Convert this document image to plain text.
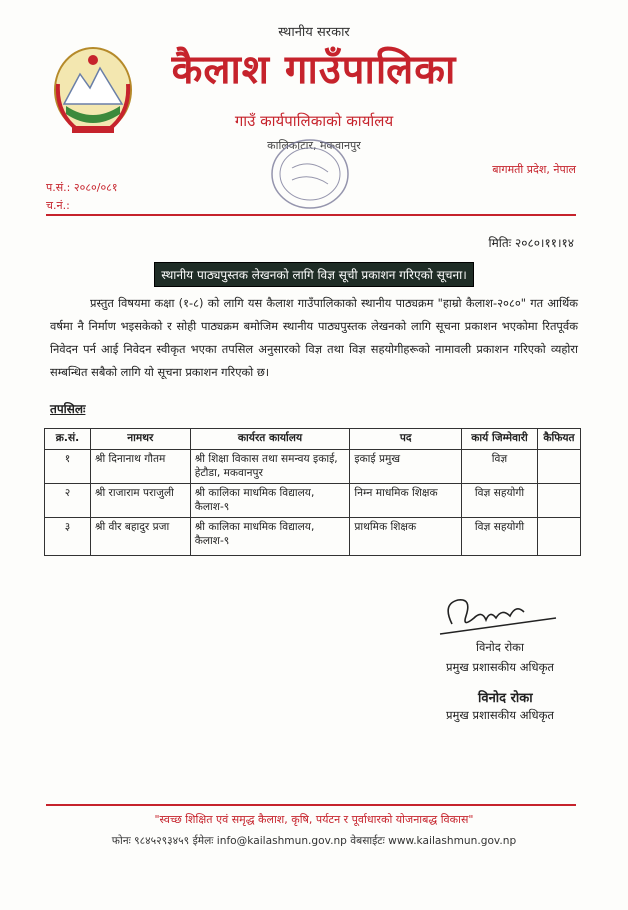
स्थानीय सरकार
कैलाश गाउँपालिका
गाउँ कार्यपालिकाको कार्यालय
कालिकाटार, मकवानपुर
बागमती प्रदेश, नेपाल
प.सं.: २०८०/०८१
च.नं.:
मितिः २०८०।११।१४
स्थानीय पाठ्यपुस्तक लेखनको लागि विज्ञ सूची प्रकाशन गरिएको सूचना।
प्रस्तुत विषयमा कक्षा (१-८) को लागि यस कैलाश गाउँपालिकाको स्थानीय पाठ्यक्रम "हाम्रो कैलाश-२०८०" गत आर्थिक वर्षमा नै निर्माण भइसकेको र सोही पाठ्यक्रम बमोजिम स्थानीय पाठ्यपुस्तक लेखनको लागि सूचना प्रकाशन भएकोमा रितपूर्वक निवेदन पर्न आई निवेदन स्वीकृत भएका तपसिल अनुसारको विज्ञ तथा विज्ञ सहयोगीहरूको नामावली प्रकाशन गरिएको व्यहोरा सम्बन्धित सबैको लागि यो सूचना प्रकाशन गरिएको छ।
तपसिलः
क्र.सं.	नामथर	कार्यरत कार्यालय	पद	कार्य जिम्मेवारी	कैफियत
१	श्री दिनानाथ गौतम	श्री शिक्षा विकास तथा समन्वय इकाई, हेटौडा, मकवानपुर	इकाई प्रमुख	विज्ञ	
२	श्री राजाराम पराजुली	श्री कालिका माधमिक विद्यालय, कैलाश-९	निम्न माधमिक शिक्षक	विज्ञ सहयोगी	
३	श्री वीर बहादुर प्रजा	श्री कालिका माधमिक विद्यालय, कैलाश-९	प्राथमिक शिक्षक	विज्ञ सहयोगी	
विनोद रोका
प्रमुख प्रशासकीय अधिकृत
विनोद रोका
प्रमुख प्रशासकीय अधिकृत
"स्वच्छ शिक्षित एवं समृद्ध कैलाश, कृषि, पर्यटन र पूर्वाधारको योजनाबद्ध विकास"
फोनः ९८४५२९३४५९ ईमेलः info@kailashmun.gov.np वेबसाईटः www.kailashmun.gov.np
